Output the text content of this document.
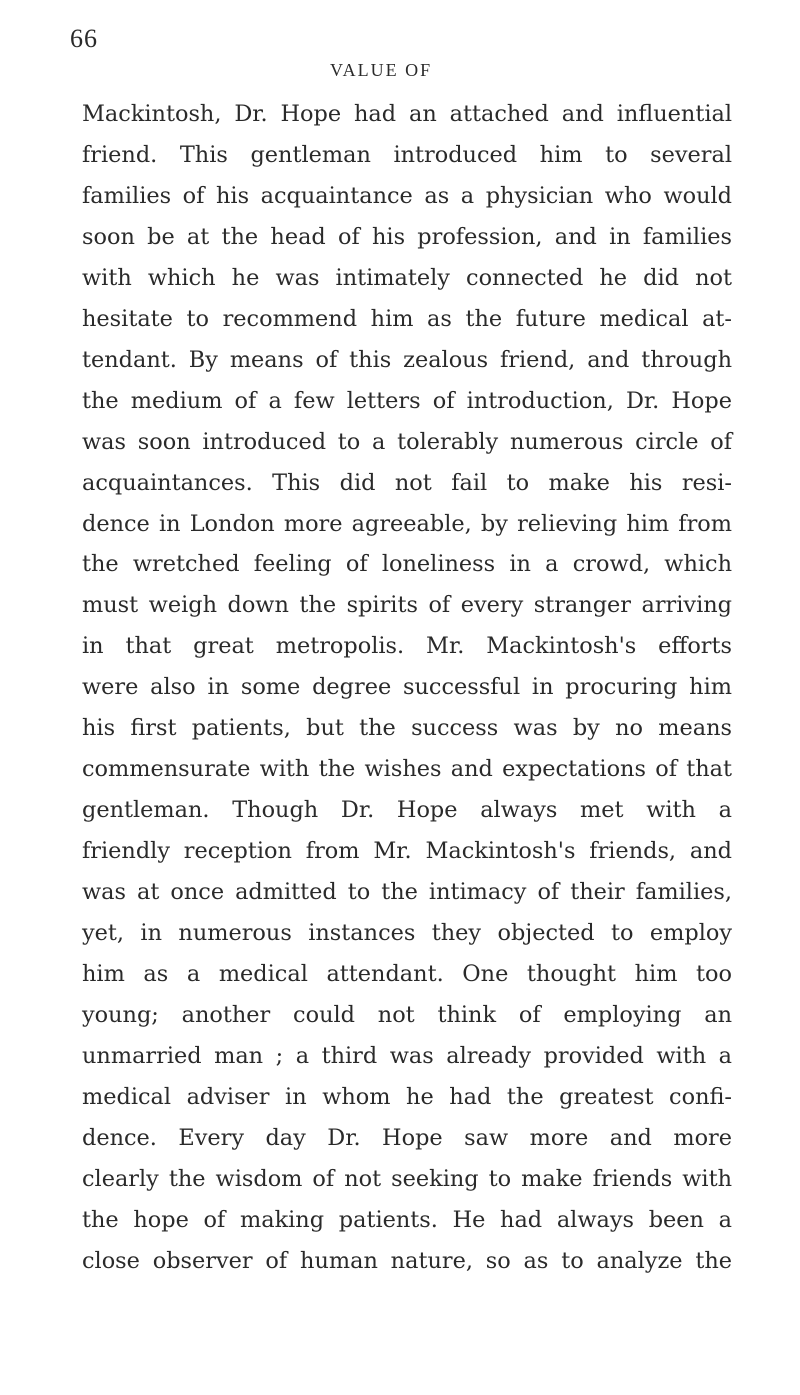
66
VALUE OF
Mackintosh, Dr. Hope had an attached and influential
friend. This gentleman introduced him to several
families of his acquaintance as a physician who would
soon be at the head of his profession, and in families
with which he was intimately connected he did not
hesitate to recommend him as the future medical at-
tendant. By means of this zealous friend, and through
the medium of a few letters of introduction, Dr. Hope
was soon introduced to a tolerably numerous circle of
acquaintances. This did not fail to make his resi-
dence in London more agreeable, by relieving him from
the wretched feeling of loneliness in a crowd, which
must weigh down the spirits of every stranger arriving
in that great metropolis. Mr. Mackintosh's efforts
were also in some degree successful in procuring him
his first patients, but the success was by no means
commensurate with the wishes and expectations of that
gentleman. Though Dr. Hope always met with a
friendly reception from Mr. Mackintosh's friends, and
was at once admitted to the intimacy of their families,
yet, in numerous instances they objected to employ
him as a medical attendant. One thought him too
young; another could not think of employing an
unmarried man ; a third was already provided with a
medical adviser in whom he had the greatest confi-
dence. Every day Dr. Hope saw more and more
clearly the wisdom of not seeking to make friends with
the hope of making patients. He had always been a
close observer of human nature, so as to analyze the
